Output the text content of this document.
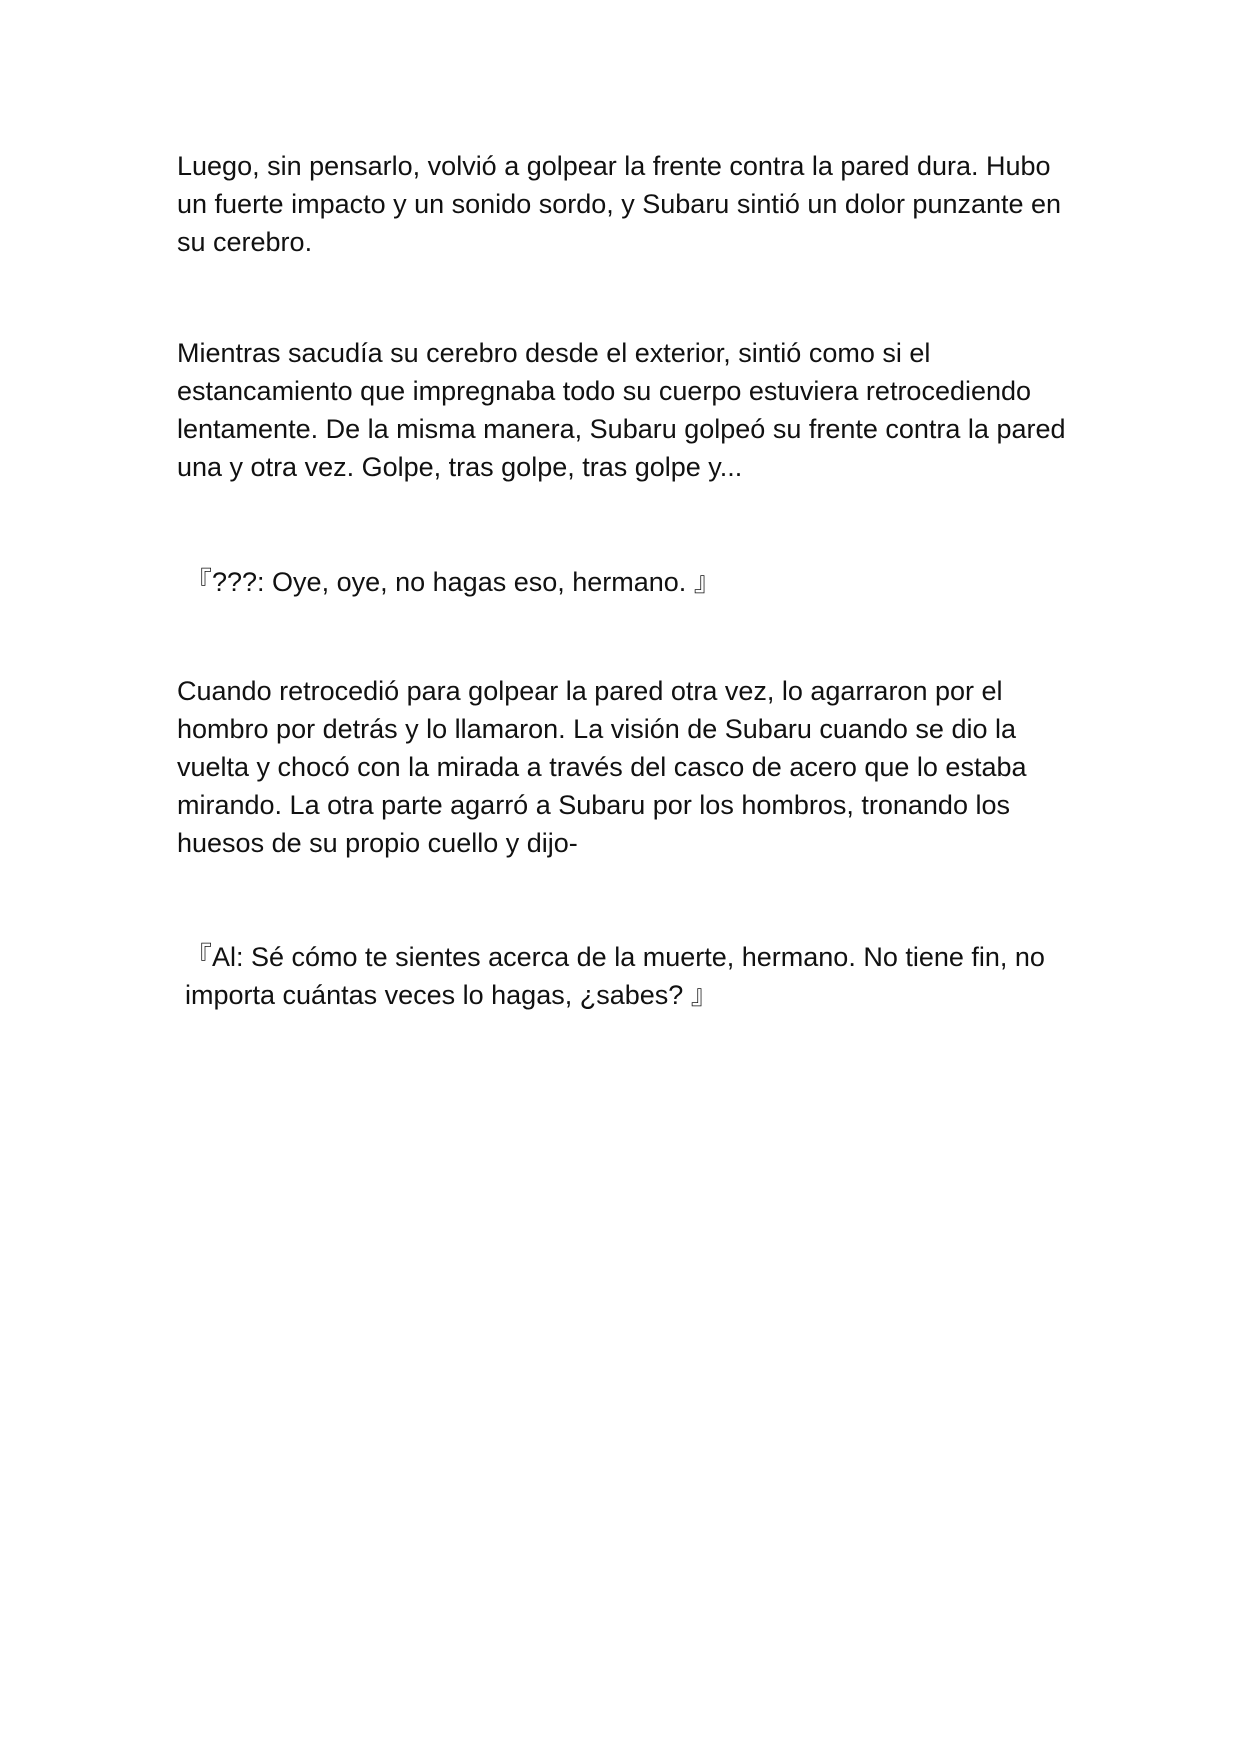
Luego, sin pensarlo, volvió a golpear la frente contra la pared dura. Hubo un fuerte impacto y un sonido sordo, y Subaru sintió un dolor punzante en su cerebro.

Mientras sacudía su cerebro desde el exterior, sintió como si el estancamiento que impregnaba todo su cuerpo estuviera retrocediendo lentamente. De la misma manera, Subaru golpeó su frente contra la pared una y otra vez. Golpe, tras golpe, tras golpe y...

『???: Oye, oye, no hagas eso, hermano. 』

Cuando retrocedió para golpear la pared otra vez, lo agarraron por el hombro por detrás y lo llamaron. La visión de Subaru cuando se dio la vuelta y chocó con la mirada a través del casco de acero que lo estaba mirando. La otra parte agarró a Subaru por los hombros, tronando los huesos de su propio cuello y dijo-

『Al: Sé cómo te sientes acerca de la muerte, hermano. No tiene fin, no importa cuántas veces lo hagas, ¿sabes? 』
